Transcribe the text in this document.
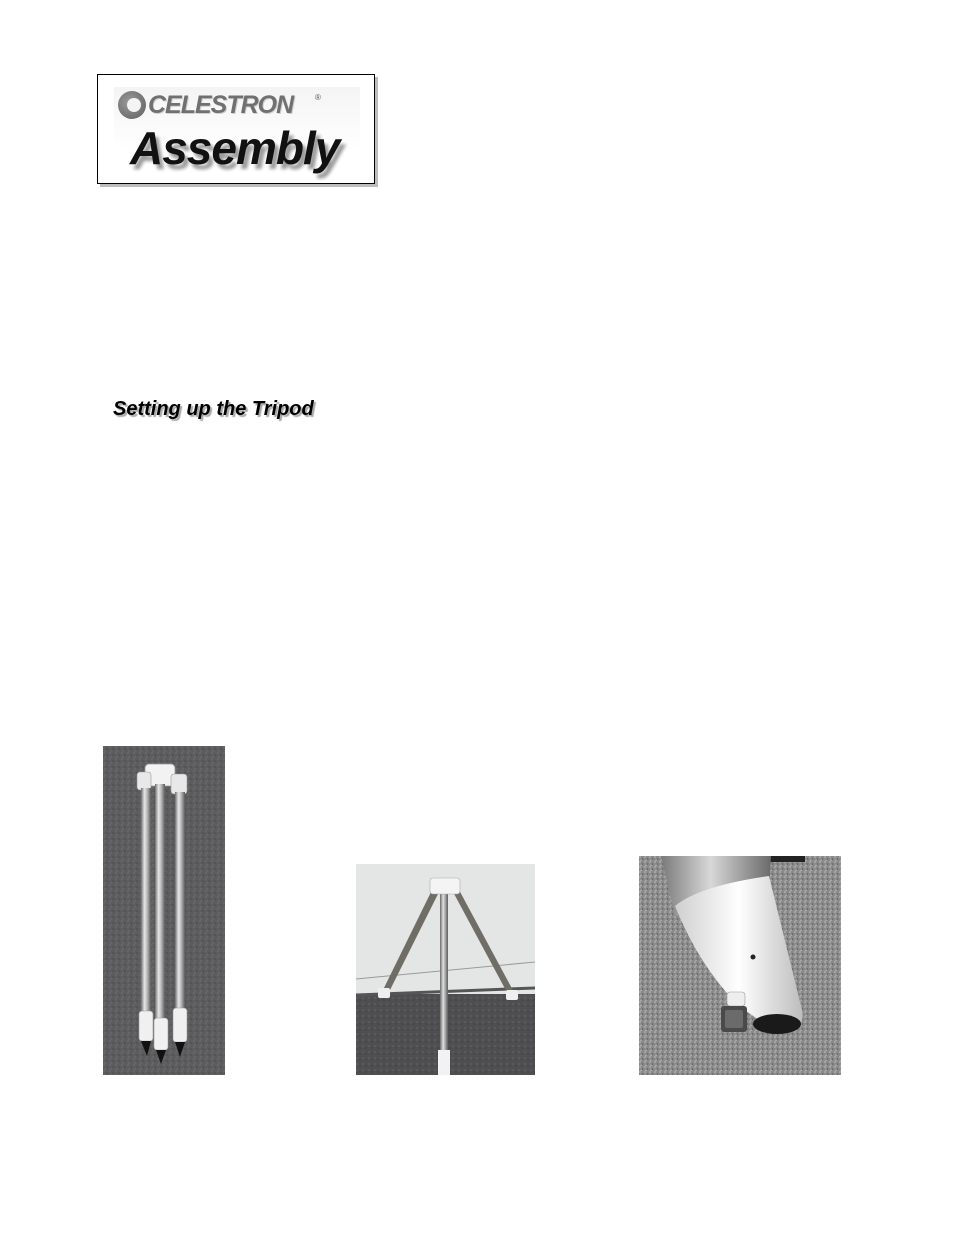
CELESTRON	®
Assembly
Setting up the Tripod
